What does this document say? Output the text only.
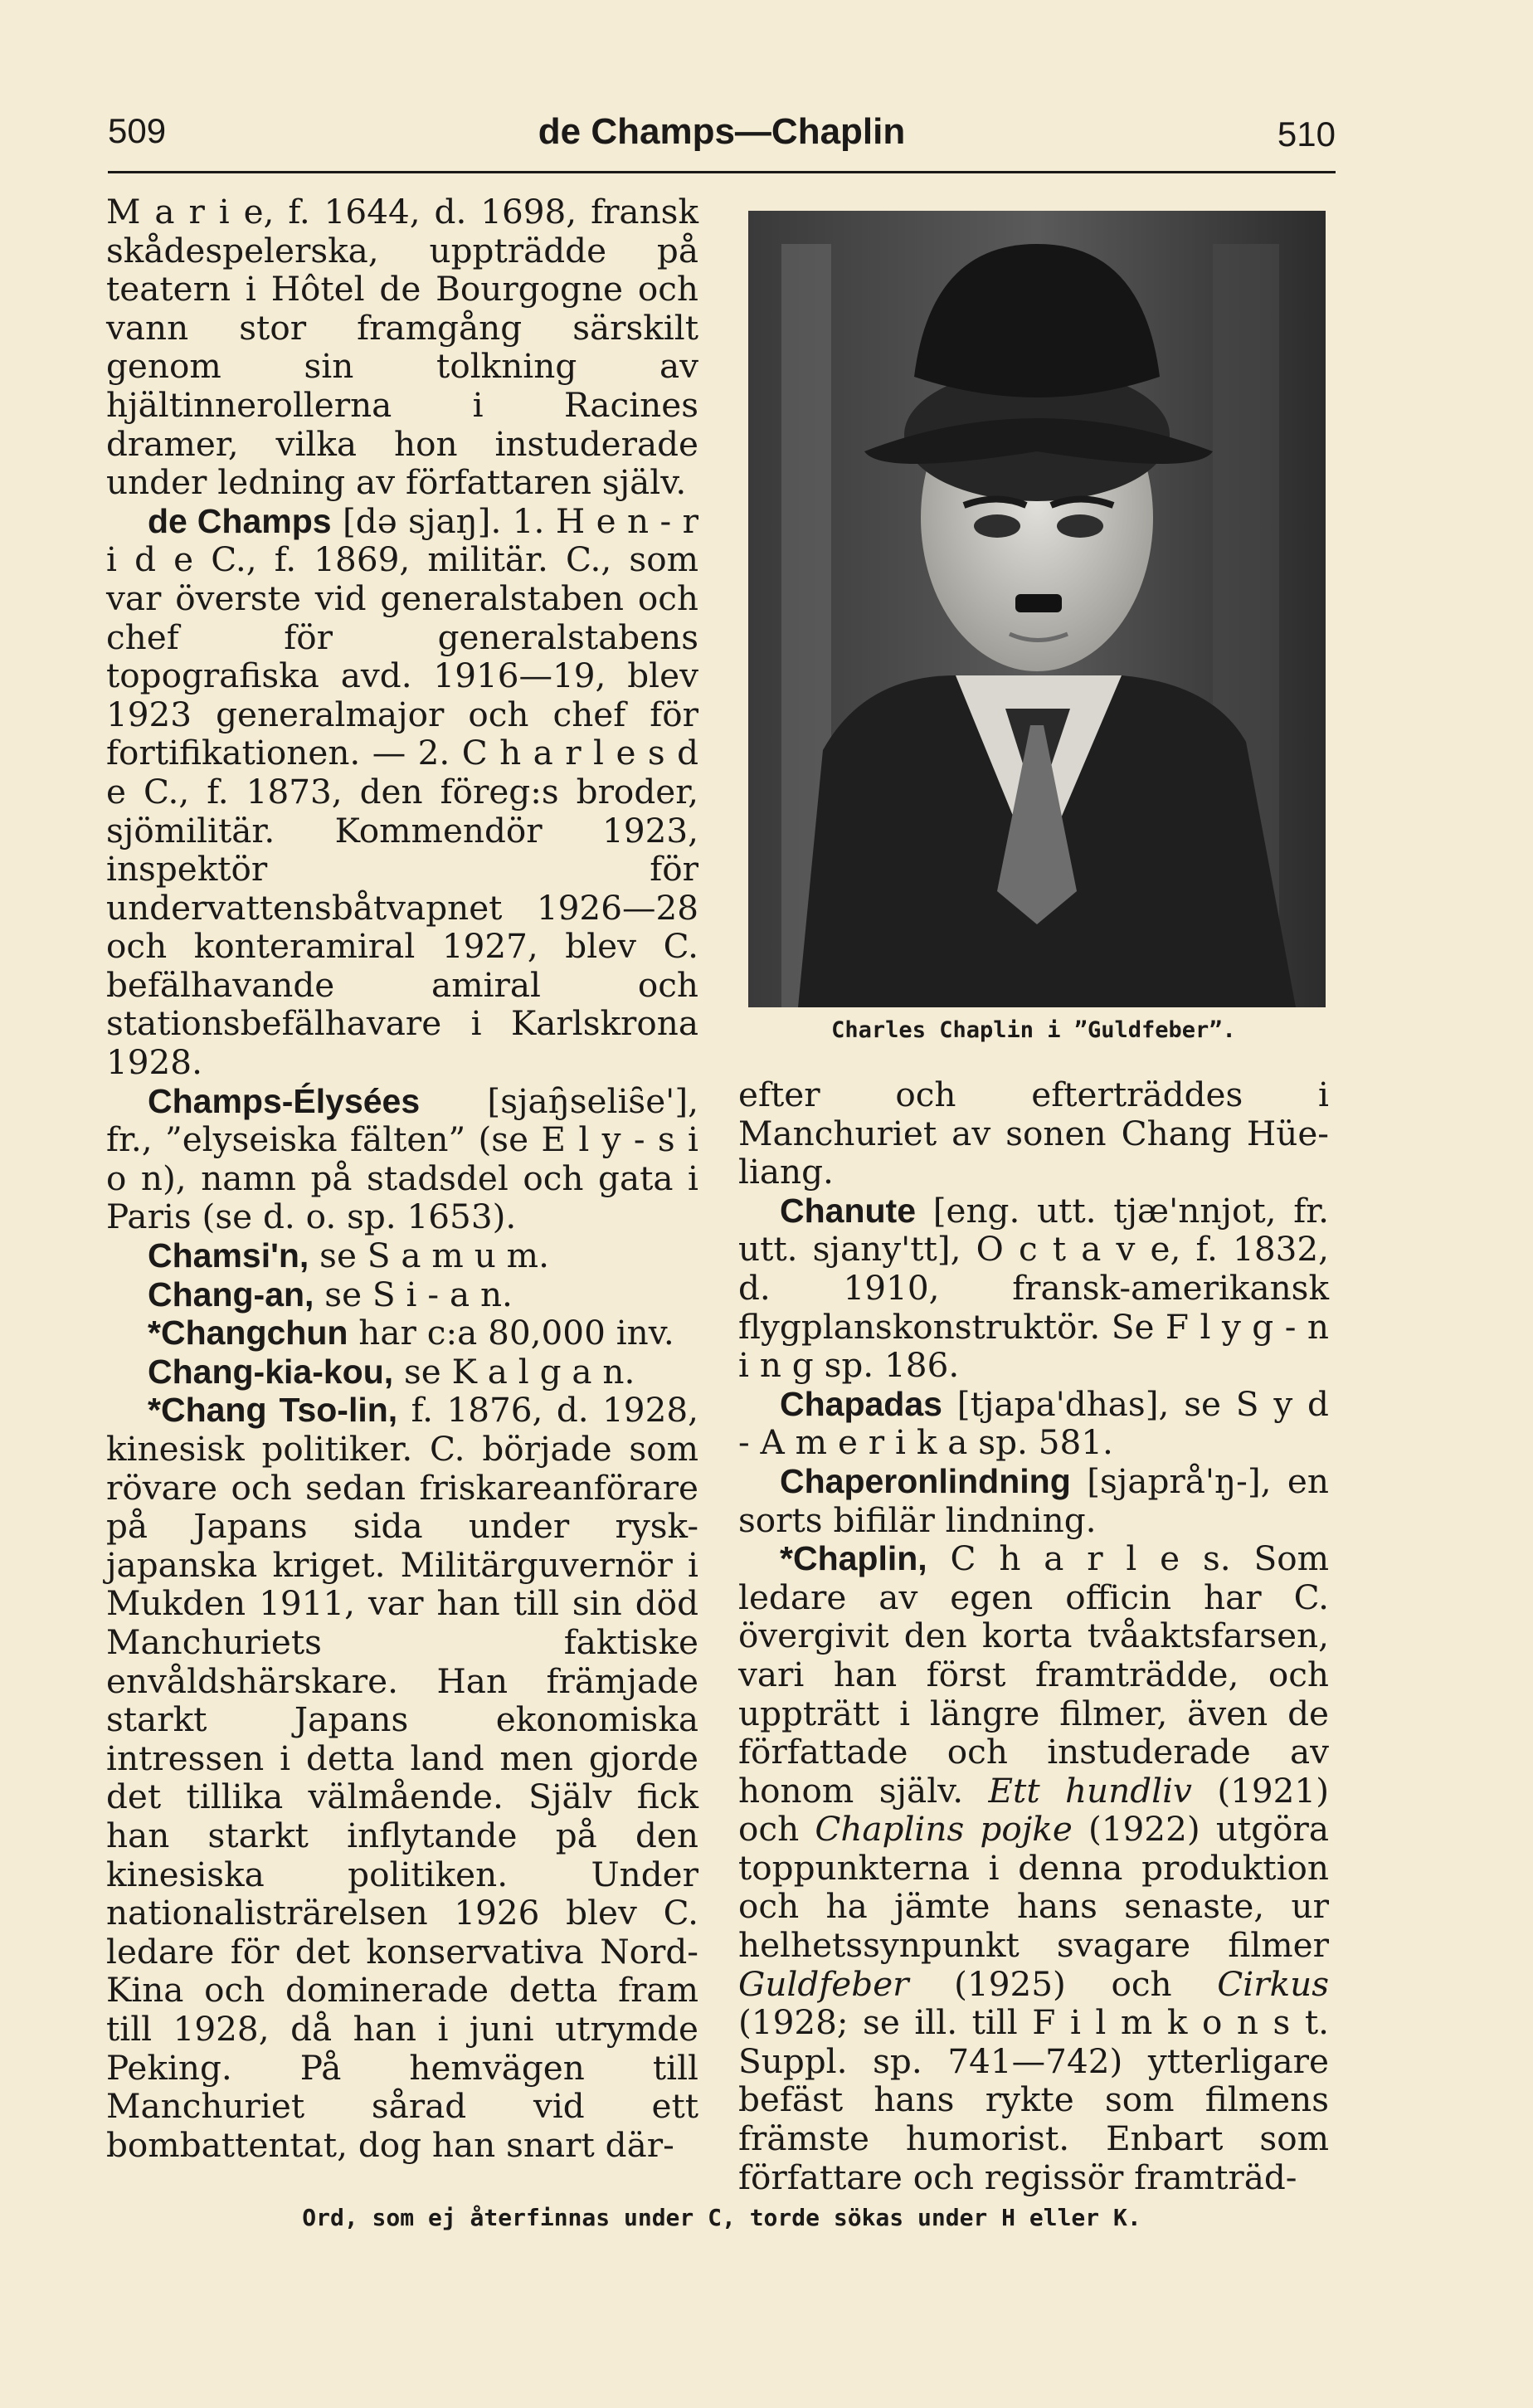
509	de Champs—Chaplin	510

M a r i e, f. 1644, d. 1698, fransk skådespelerska, uppträdde på teatern i Hôtel de Bourgogne och vann stor framgång särskilt genom sin tolkning av hjältinnerollerna i Racines dramer, vilka hon instuderade under ledning av författaren själv.

de Champs [də sjaŋ]. 1. H e n - r i d e C., f. 1869, militär. C., som var överste vid generalstaben och chef för generalstabens topografiska avd. 1916—19, blev 1923 generalmajor och chef för fortifikationen. — 2. C h a r l e s d e C., f. 1873, den föreg:s broder, sjömilitär. Kommendör 1923, inspektör för undervattensbåtvapnet 1926—28 och konteramiral 1927, blev C. befälhavande amiral och stationsbefälhavare i Karlskrona 1928.

Champs-Élysées [sjaŋ̑selis̑e'], fr., ”elyseiska fälten” (se E l y - s i o n), namn på stadsdel och gata i Paris (se d. o. sp. 1653).

Chamsi'n, se S a m u m.

Chang-an, se S i - a n.

*Changchun har c:a 80,000 inv.

Chang-kia-kou, se K a l g a n.

*Chang Tso-lin, f. 1876, d. 1928, kinesisk politiker. C. började som rövare och sedan friskareanförare på Japans sida under rysk-japanska kriget. Militärguvernör i Mukden 1911, var han till sin död Manchuriets faktiske envåldshärskare. Han främjade starkt Japans ekonomiska intressen i detta land men gjorde det tillika välmående. Själv fick han starkt inflytande på den kinesiska politiken. Under nationalisträrelsen 1926 blev C. ledare för det konservativa Nord-Kina och dominerade detta fram till 1928, då han i juni utrymde Peking. På hemvägen till Manchuriet sårad vid ett bombattentat, dog han snart där-

Charles Chaplin i ”Guldfeber”.

efter och efterträddes i Manchuriet av sonen Chang Hüe-liang.

Chanute [eng. utt. tjæ'nnjot, fr. utt. sjany'tt], O c t a v e, f. 1832, d. 1910, fransk-amerikansk flygplanskonstruktör. Se F l y g - n i n g sp. 186.

Chapadas [tjapa'dhas], se S y d - A m e r i k a sp. 581.

Chaperonlindning [sjaprå'ŋ-], en sorts bifilär lindning.

*Chaplin, C h a r l e s. Som ledare av egen officin har C. övergivit den korta tvåaktsfarsen, vari han först framträdde, och uppträtt i längre filmer, även de författade och instuderade av honom själv. Ett hundliv (1921) och Chaplins pojke (1922) utgöra toppunkterna i denna produktion och ha jämte hans senaste, ur helhetssynpunkt svagare filmer Guldfeber (1925) och Cirkus (1928; se ill. till F i l m k o n s t. Suppl. sp. 741—742) ytterligare befäst hans rykte som filmens främste humorist. Enbart som författare och regissör framträd-

Ord, som ej återfinnas under C, torde sökas under H eller K.
